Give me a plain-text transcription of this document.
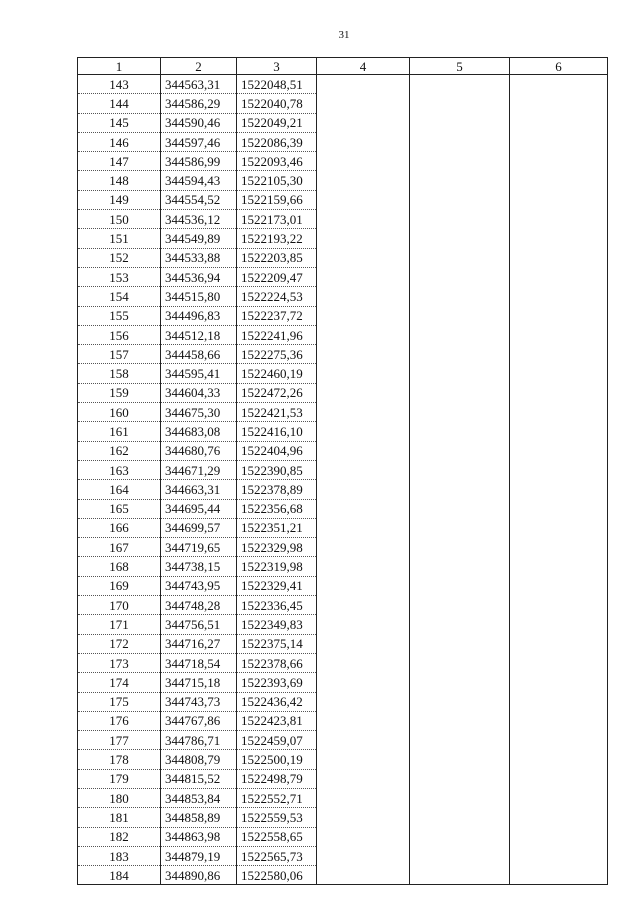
31
1	2	3	4	5	6
143	344563,31	1522048,51			
144	344586,29	1522040,78			
145	344590,46	1522049,21			
146	344597,46	1522086,39			
147	344586,99	1522093,46			
148	344594,43	1522105,30			
149	344554,52	1522159,66			
150	344536,12	1522173,01			
151	344549,89	1522193,22			
152	344533,88	1522203,85			
153	344536,94	1522209,47			
154	344515,80	1522224,53			
155	344496,83	1522237,72			
156	344512,18	1522241,96			
157	344458,66	1522275,36			
158	344595,41	1522460,19			
159	344604,33	1522472,26			
160	344675,30	1522421,53			
161	344683,08	1522416,10			
162	344680,76	1522404,96			
163	344671,29	1522390,85			
164	344663,31	1522378,89			
165	344695,44	1522356,68			
166	344699,57	1522351,21			
167	344719,65	1522329,98			
168	344738,15	1522319,98			
169	344743,95	1522329,41			
170	344748,28	1522336,45			
171	344756,51	1522349,83			
172	344716,27	1522375,14			
173	344718,54	1522378,66			
174	344715,18	1522393,69			
175	344743,73	1522436,42			
176	344767,86	1522423,81			
177	344786,71	1522459,07			
178	344808,79	1522500,19			
179	344815,52	1522498,79			
180	344853,84	1522552,71			
181	344858,89	1522559,53			
182	344863,98	1522558,65			
183	344879,19	1522565,73			
184	344890,86	1522580,06			
